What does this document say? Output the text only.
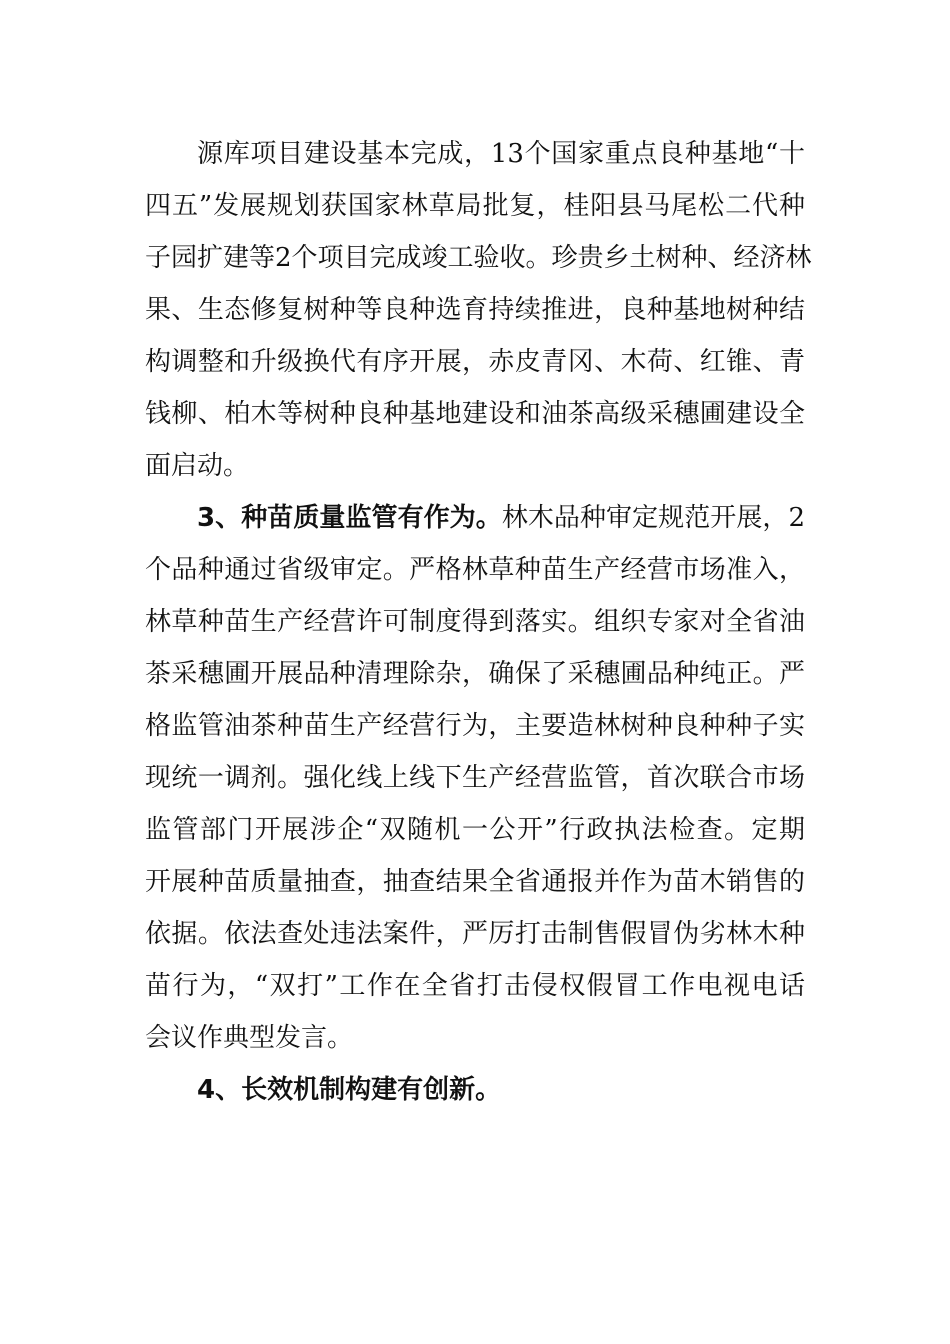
源库项目建设基本完成，13个国家重点良种基地“十
四五”发展规划获国家林草局批复，桂阳县马尾松二代种
子园扩建等2个项目完成竣工验收。珍贵乡土树种、经济林
果、生态修复树种等良种选育持续推进，良种基地树种结
构调整和升级换代有序开展，赤皮青冈、木荷、红锥、青
钱柳、柏木等树种良种基地建设和油茶高级采穗圃建设全
面启动。
3、种苗质量监管有作为。林木品种审定规范开展，2
个品种通过省级审定。严格林草种苗生产经营市场准入，
林草种苗生产经营许可制度得到落实。组织专家对全省油
茶采穗圃开展品种清理除杂，确保了采穗圃品种纯正。严
格监管油茶种苗生产经营行为，主要造林树种良种种子实
现统一调剂。强化线上线下生产经营监管，首次联合市场
监管部门开展涉企“双随机一公开”行政执法检查。定期
开展种苗质量抽查，抽查结果全省通报并作为苗木销售的
依据。依法查处违法案件，严厉打击制售假冒伪劣林木种
苗行为，“双打”工作在全省打击侵权假冒工作电视电话
会议作典型发言。
4、长效机制构建有创新。
